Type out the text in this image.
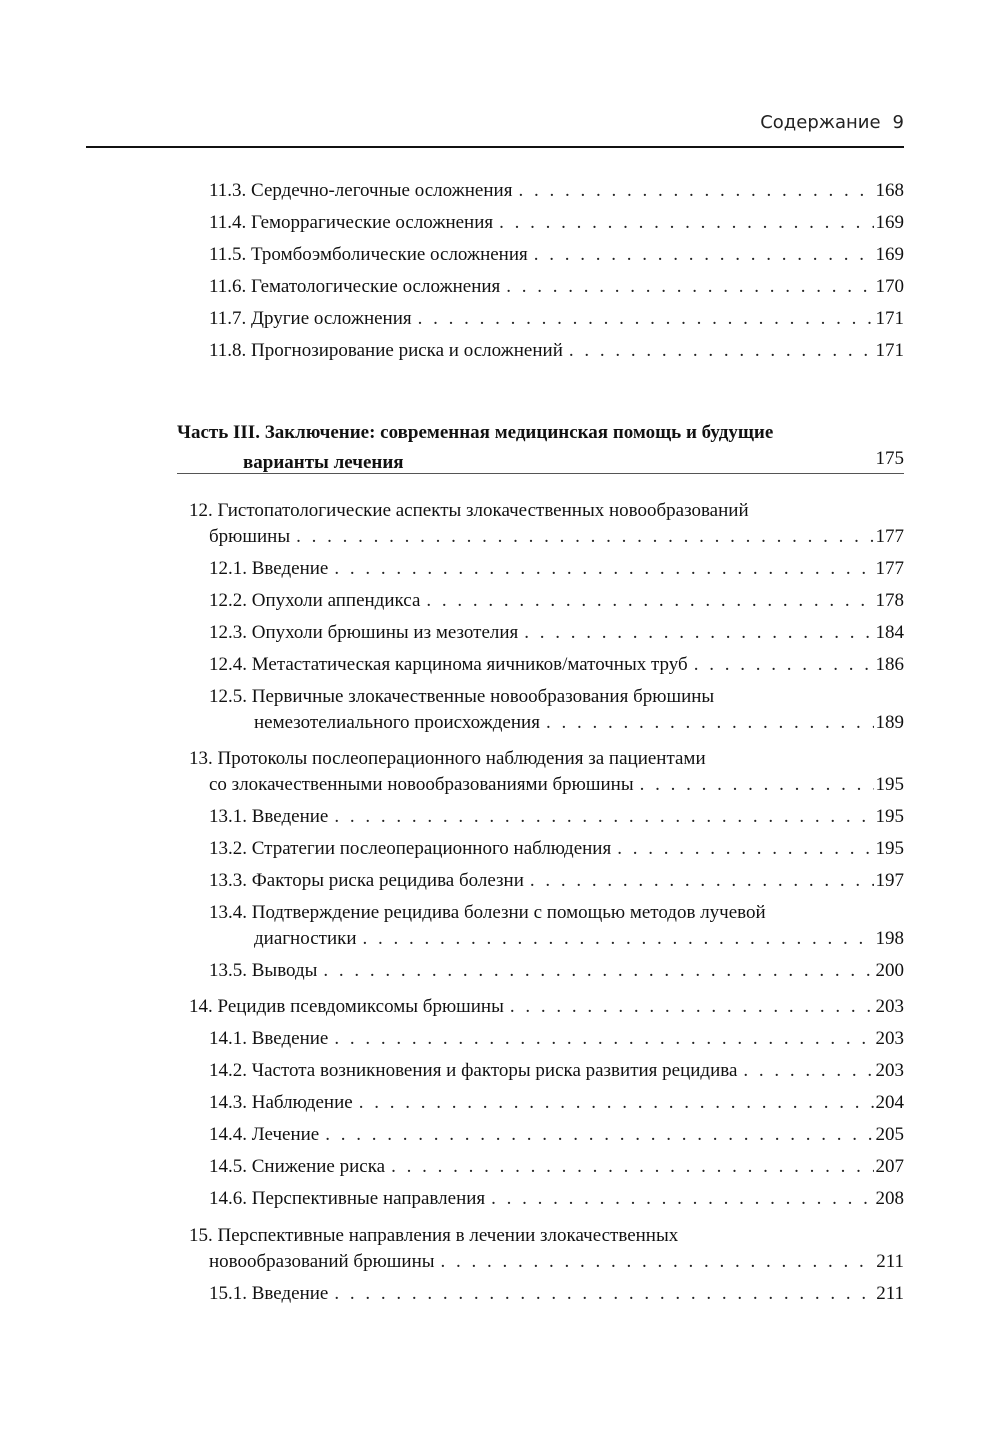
Содержание 9
11.3. Сердечно-легочные осложнения . . .	168
11.4. Геморрагические осложнения . . .	169
11.5. Тромбоэмболические осложнения . . .	169
11.6. Гематологические осложнения . . .	170
11.7. Другие осложнения . . .	171
11.8. Прогнозирование риска и осложнений . . .	171
Часть III. Заключение: современная медицинская помощь и будущие
варианты лечения	175
12. Гистопатологические аспекты злокачественных новообразований
брюшины . . .	177
12.1. Введение . . .	177
12.2. Опухоли аппендикса . . .	178
12.3. Опухоли брюшины из мезотелия . . .	184
12.4. Метастатическая карцинома яичников/маточных труб . . .	186
12.5. Первичные злокачественные новообразования брюшины
немезотелиального происхождения . . .	189
13. Протоколы послеоперационного наблюдения за пациентами
со злокачественными новообразованиями брюшины . . .	195
13.1. Введение . . .	195
13.2. Стратегии послеоперационного наблюдения . . .	195
13.3. Факторы риска рецидива болезни . . .	197
13.4. Подтверждение рецидива болезни с помощью методов лучевой
диагностики . . .	198
13.5. Выводы . . .	200
14. Рецидив псевдомиксомы брюшины . . .	203
14.1. Введение . . .	203
14.2. Частота возникновения и факторы риска развития рецидива . . .	203
14.3. Наблюдение . . .	204
14.4. Лечение . . .	205
14.5. Снижение риска . . .	207
14.6. Перспективные направления . . .	208
15. Перспективные направления в лечении злокачественных
новообразований брюшины . . .	211
15.1. Введение . . .	211
